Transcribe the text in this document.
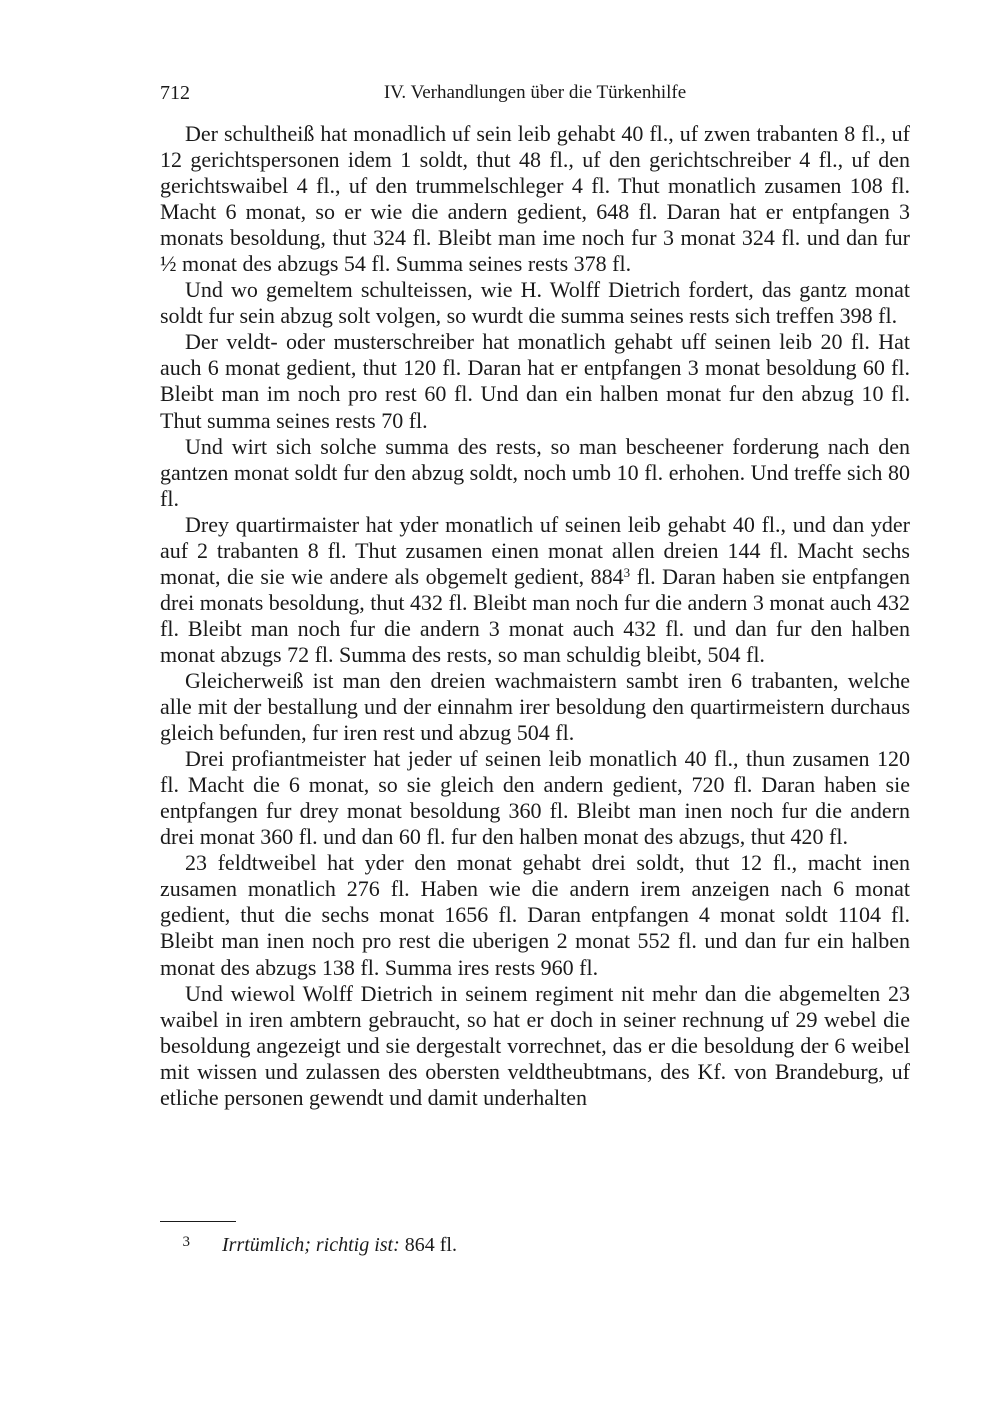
712	IV. Verhandlungen über die Türkenhilfe

Der schultheiß hat monadlich uf sein leib gehabt 40 fl., uf zwen trabanten 8 fl., uf 12 gerichtspersonen idem 1 soldt, thut 48 fl., uf den gerichtschreiber 4 fl., uf den gerichtswaibel 4 fl., uf den trummelschleger 4 fl. Thut monatlich zusamen 108 fl. Macht 6 monat, so er wie die andern gedient, 648 fl. Daran hat er entpfangen 3 monats besoldung, thut 324 fl. Bleibt man ime noch fur 3 monat 324 fl. und dan fur ½ monat des abzugs 54 fl. Summa seines rests 378 fl.

Und wo gemeltem schulteissen, wie H. Wolff Dietrich fordert, das gantz monat soldt fur sein abzug solt volgen, so wurdt die summa seines rests sich treffen 398 fl.

Der veldt- oder musterschreiber hat monatlich gehabt uff seinen leib 20 fl. Hat auch 6 monat gedient, thut 120 fl. Daran hat er entpfangen 3 monat besoldung 60 fl. Bleibt man im noch pro rest 60 fl. Und dan ein halben monat fur den abzug 10 fl. Thut summa seines rests 70 fl.

Und wirt sich solche summa des rests, so man bescheener forderung nach den gantzen monat soldt fur den abzug soldt, noch umb 10 fl. erhohen. Und treffe sich 80 fl.

Drey quartirmaister hat yder monatlich uf seinen leib gehabt 40 fl., und dan yder auf 2 trabanten 8 fl. Thut zusamen einen monat allen dreien 144 fl. Macht sechs monat, die sie wie andere als obgemelt gedient, $884^3$ fl. Daran haben sie entpfangen drei monats besoldung, thut 432 fl. Bleibt man noch fur die andern 3 monat auch 432 fl. Bleibt man noch fur die andern 3 monat auch 432 fl. und dan fur den halben monat abzugs 72 fl. Summa des rests, so man schuldig bleibt, 504 fl.

Gleicherweiß ist man den dreien wachmaistern sambt iren 6 trabanten, welche alle mit der bestallung und der einnahm irer besoldung den quartirmeistern durchaus gleich befunden, fur iren rest und abzug 504 fl.

Drei profiantmeister hat jeder uf seinen leib monatlich 40 fl., thun zusamen 120 fl. Macht die 6 monat, so sie gleich den andern gedient, 720 fl. Daran haben sie entpfangen fur drey monat besoldung 360 fl. Bleibt man inen noch fur die andern drei monat 360 fl. und dan 60 fl. fur den halben monat des abzugs, thut 420 fl.

23 feldtweibel hat yder den monat gehabt drei soldt, thut 12 fl., macht inen zusamen monatlich 276 fl. Haben wie die andern irem anzeigen nach 6 monat gedient, thut die sechs monat 1656 fl. Daran entpfangen 4 monat soldt 1104 fl. Bleibt man inen noch pro rest die uberigen 2 monat 552 fl. und dan fur ein halben monat des abzugs 138 fl. Summa ires rests 960 fl.

Und wiewol Wolff Dietrich in seinem regiment nit mehr dan die abgemelten 23 waibel in iren ambtern gebraucht, so hat er doch in seiner rechnung uf 29 webel die besoldung angezeigt und sie dergestalt vorrechnet, das er die besoldung der 6 weibel mit wissen und zulassen des obersten veldtheubtmans, des Kf. von Brandeburg, uf etliche personen gewendt und damit underhalten

3 Irrtümlich; richtig ist: 864 fl.
